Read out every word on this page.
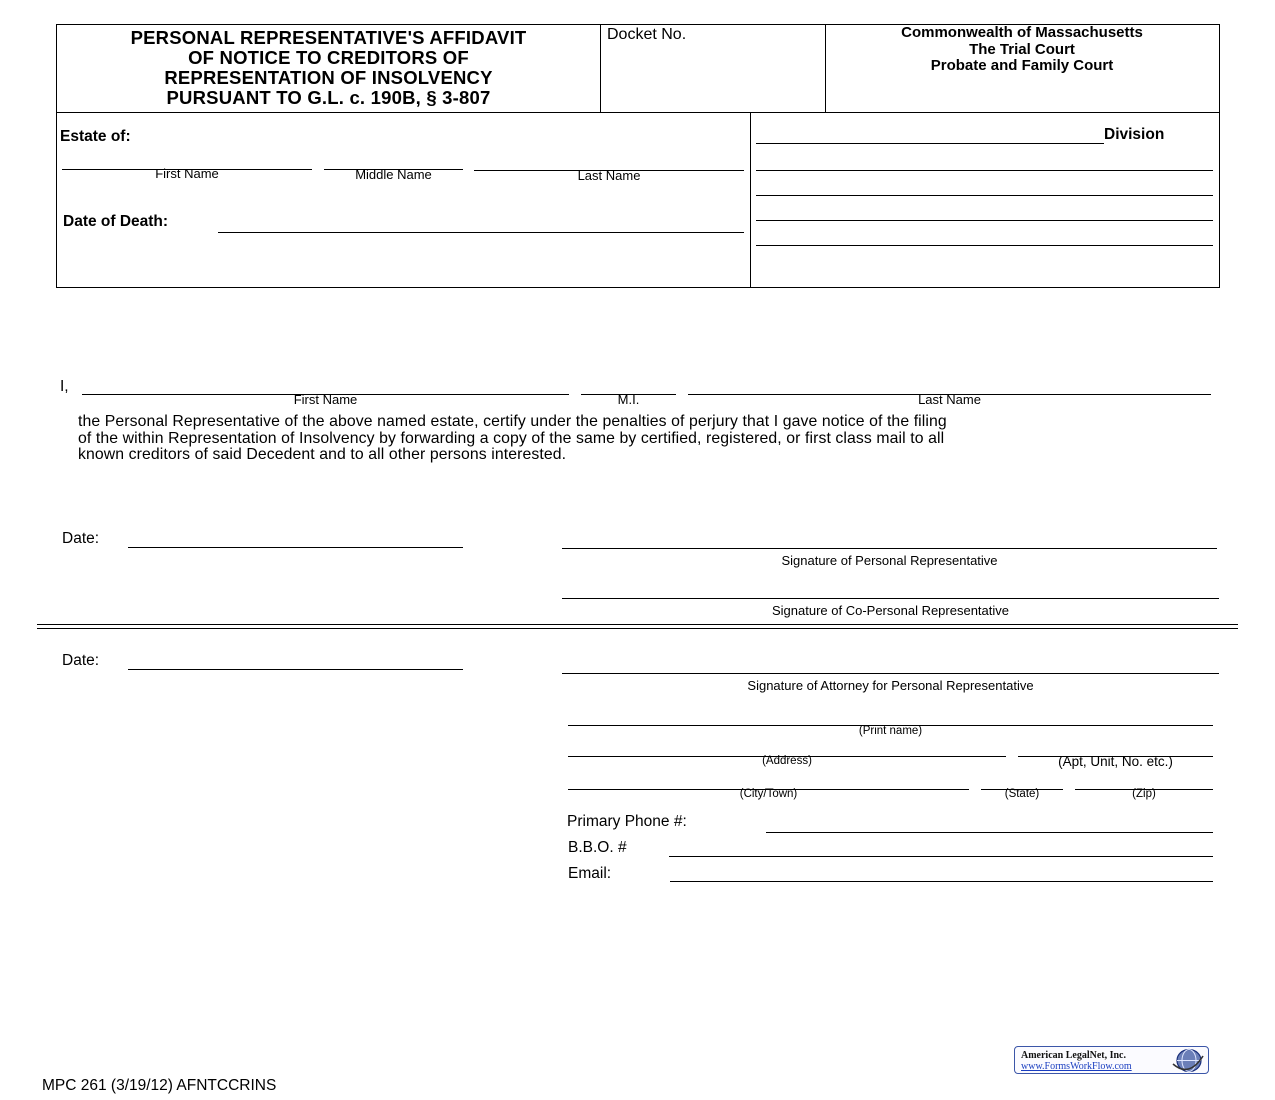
PERSONAL REPRESENTATIVE'S AFFIDAVIT
OF NOTICE TO CREDITORS OF
REPRESENTATION OF INSOLVENCY
PURSUANT TO G.L. c. 190B, § 3-807
Docket No.	Commonwealth of Massachusetts
The Trial Court
Probate and Family Court
Estate of:
First Name	Middle Name	Last Name
Date of Death:
Division
I,
First Name	M.I.	Last Name
the Personal Representative of the above named estate, certify under the penalties of perjury that I gave notice of the filing
of the within Representation of Insolvency by forwarding a copy of the same by certified, registered, or first class mail to all
known creditors of said Decedent and to all other persons interested.
Date:
Signature of Personal Representative
Signature of Co-Personal Representative
Date:
Signature of Attorney for Personal Representative
(Print name)
(Address)	(Apt, Unit, No. etc.)
(City/Town)	(State)	(Zip)
Primary Phone #:
B.B.O. #
Email:
American LegalNet, Inc.
www.FormsWorkFlow.com
MPC 261 (3/19/12) AFNTCCRINS
